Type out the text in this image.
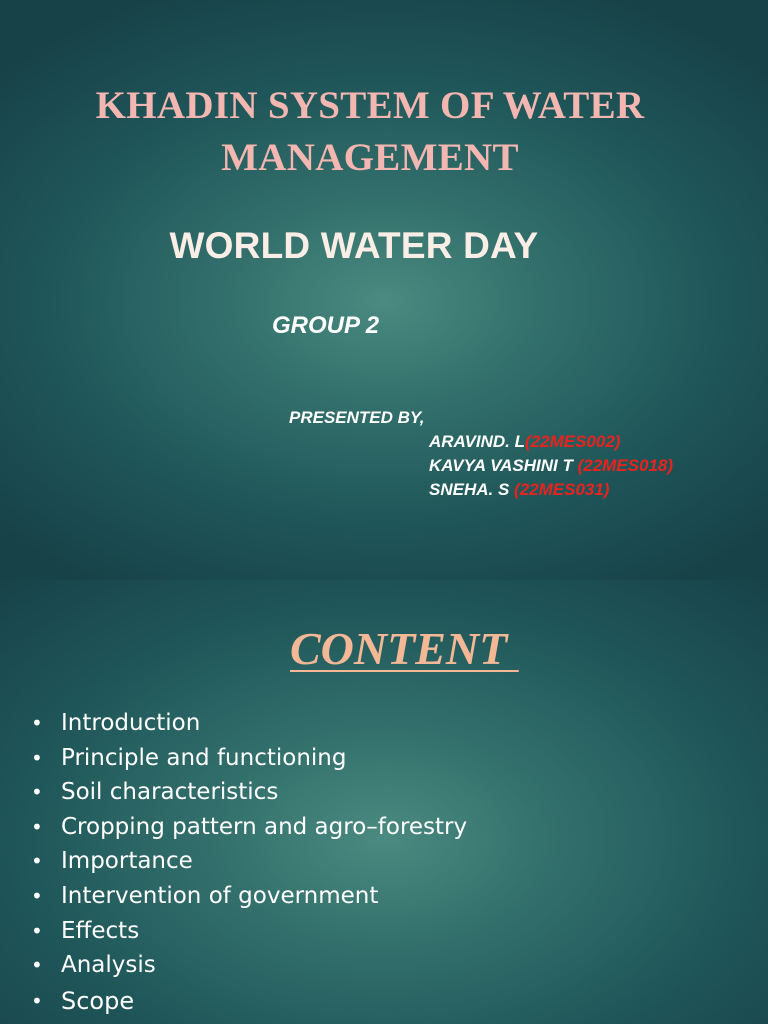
KHADIN SYSTEM OF WATER
MANAGEMENT
WORLD WATER DAY

GROUP 2

PRESENTED BY,

ARAVIND. L(22MES002)
KAVYA VASHINI T (22MES018)
SNEHA. S (22MES031)
CONTENT
• Introduction
• Principle and functioning
• Soil characteristics
• Cropping pattern and agro–forestry
• Importance
• Intervention of government
• Effects
• Analysis
• Scope
